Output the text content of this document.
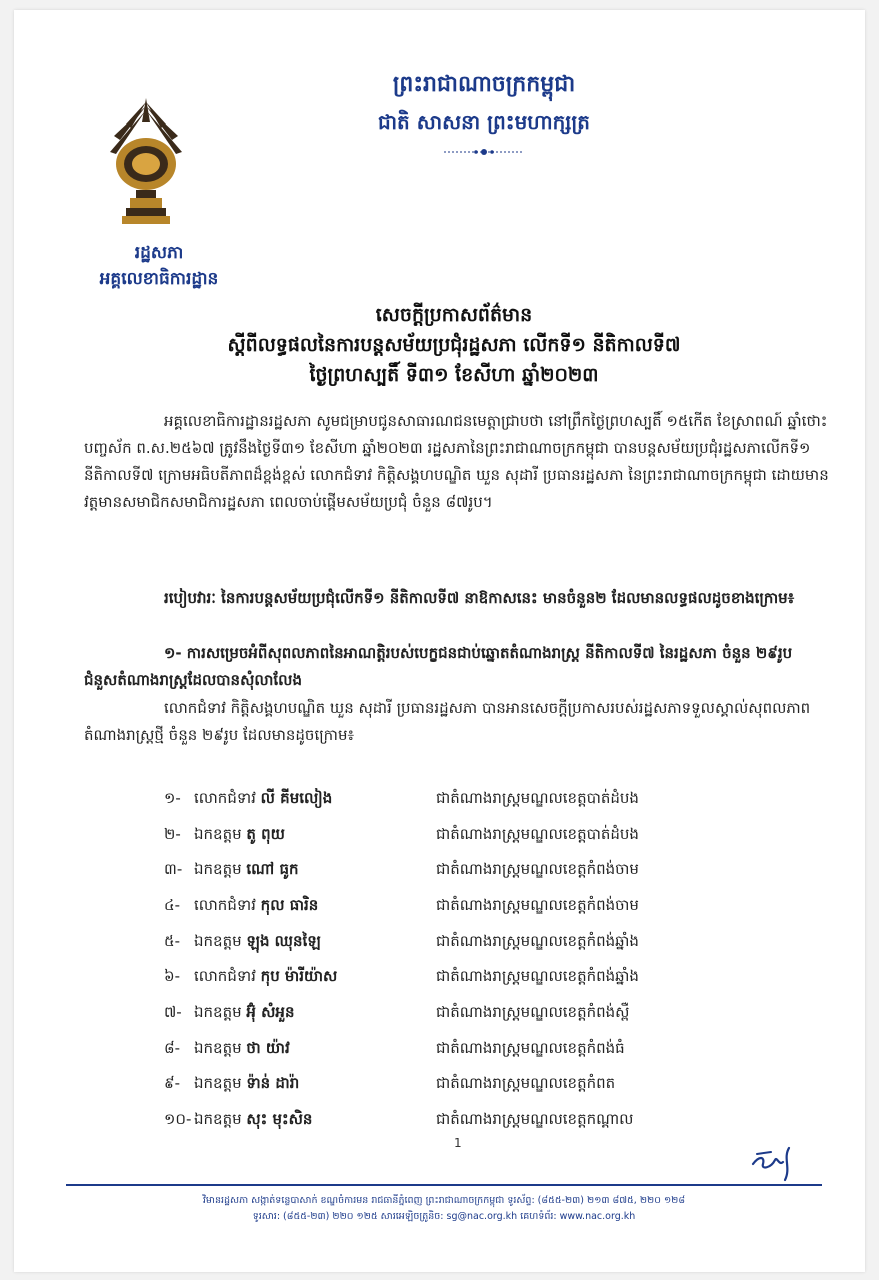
រដ្ឋសភា
អគ្គលេខាធិការដ្ឋាន
ព្រះរាជាណាចក្រកម្ពុជា
ជាតិ សាសនា ព្រះមហាក្សត្រ
សេចក្ដីប្រកាសព័ត៌មាន
ស្ដីពីលទ្ធផលនៃការបន្តសម័យប្រជុំរដ្ឋសភា លើកទី១ នីតិកាលទី៧
ថ្ងៃព្រហស្បតិ៍ ទី៣១ ខែសីហា ឆ្នាំ២០២៣
អគ្គលេខាធិការដ្ឋានរដ្ឋសភា សូមជម្រាបជូនសាធារណជនមេត្តាជ្រាបថា នៅព្រឹកថ្ងៃព្រហស្បតិ៍ ១៥កើត ខែស្រាពណ៍ ឆ្នាំថោះ បញ្ចស័ក ព.ស.២៥៦៧ ត្រូវនឹងថ្ងៃទី៣១ ខែសីហា ឆ្នាំ២០២៣ រដ្ឋសភានៃព្រះរាជាណាចក្រកម្ពុជា បានបន្តសម័យប្រជុំរដ្ឋសភាលើកទី១ នីតិកាលទី៧ ក្រោមអធិបតីភាពដ៏ខ្ពង់ខ្ពស់ លោកជំទាវ កិត្តិសង្គហបណ្ឌិត ឃួន សុដារី ប្រធានរដ្ឋសភា នៃព្រះរាជាណាចក្រកម្ពុជា ដោយមានវត្តមានសមាជិកសមាជិការដ្ឋសភា ពេលចាប់ផ្ដើមសម័យប្រជុំ ចំនួន ៨៧រូប។
របៀបវារៈ នៃការបន្តសម័យប្រជុំលើកទី១ នីតិកាលទី៧ នាឱកាសនេះ មានចំនួន២ ដែលមានលទ្ធផលដូចខាងក្រោម៖
១- ការសម្រេចអំពីសុពលភាពនៃអាណត្តិរបស់បេក្ខជនជាប់ឆ្នោតតំណាងរាស្ត្រ នីតិកាលទី៧ នៃរដ្ឋសភា ចំនួន ២៩រូប ជំនួសតំណាងរាស្ត្រដែលបានសុំលាលែង
លោកជំទាវ កិត្តិសង្គហបណ្ឌិត ឃួន សុដារី ប្រធានរដ្ឋសភា បានអានសេចក្ដីប្រកាសរបស់រដ្ឋសភាទទួលស្គាល់សុពលភាព តំណាងរាស្ត្រថ្មី ចំនួន ២៩រូប ដែលមានដូចក្រោម៖
១- លោកជំទាវ លី គីមលៀង	ជាតំណាងរាស្ត្រមណ្ឌលខេត្តបាត់ដំបង
២- ឯកឧត្តម តូ ពុយ	ជាតំណាងរាស្ត្រមណ្ឌលខេត្តបាត់ដំបង
៣- ឯកឧត្តម ណៅ ធូក	ជាតំណាងរាស្ត្រមណ្ឌលខេត្តកំពង់ចាម
៤- លោកជំទាវ កុល ធារិន	ជាតំណាងរាស្ត្រមណ្ឌលខេត្តកំពង់ចាម
៥- ឯកឧត្តម ឡុង ឈុនឡៃ	ជាតំណាងរាស្ត្រមណ្ឌលខេត្តកំពង់ឆ្នាំង
៦- លោកជំទាវ កុប ម៉ារីយ៉ាស	ជាតំណាងរាស្ត្រមណ្ឌលខេត្តកំពង់ឆ្នាំង
៧- ឯកឧត្តម អ៊ុំ សំអួន	ជាតំណាងរាស្ត្រមណ្ឌលខេត្តកំពង់ស្ពឺ
៨- ឯកឧត្តម ថា យ៉ាវ	ជាតំណាងរាស្ត្រមណ្ឌលខេត្តកំពង់ធំ
៩- ឯកឧត្តម ទ៉ាន់ ដារ៉ា	ជាតំណាងរាស្ត្រមណ្ឌលខេត្តកំពត
១០- ឯកឧត្តម សុះ មុះសិន	ជាតំណាងរាស្ត្រមណ្ឌលខេត្តកណ្ដាល
1
វិមានរដ្ឋសភា សង្កាត់ទន្លេបាសាក់ ខណ្ឌចំការមន រាជធានីភ្នំពេញ ព្រះរាជាណាចក្រកម្ពុជា ទូរស័ព្ទ: (៨៥៥-២៣) ២១៣ ៨៧៥, ២២០ ១២៨
ទូរសារ: (៨៥៥-២៣) ២២០ ១២៥ សារអេឡិចត្រូនិច: sg@nac.org.kh គេហទំព័រ: www.nac.org.kh
